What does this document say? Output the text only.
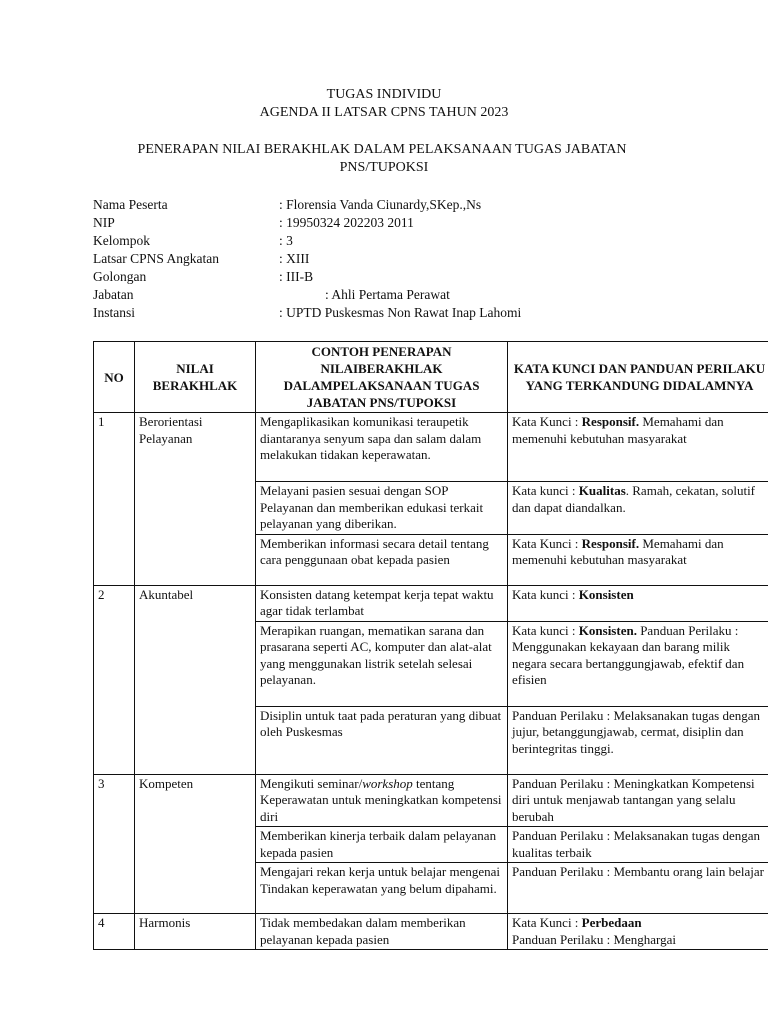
TUGAS INDIVIDU
AGENDA II LATSAR CPNS TAHUN 2023
PENERAPAN NILAI BERAKHLAK DALAM PELAKSANAAN TUGAS JABATAN
PNS/TUPOKSI
Nama Peserta	: Florensia Vanda Ciunardy,SKep.,Ns
NIP	: 19950324 202203 2011
Kelompok	: 3
Latsar CPNS Angkatan	: XIII
Golongan	: III-B
Jabatan	: Ahli Pertama Perawat
Instansi	: UPTD Puskesmas Non Rawat Inap Lahomi
NO	NILAI BERAKHLAK	CONTOH PENERAPAN NILAIBERAKHLAK DALAMPELAKSANAAN TUGAS JABATAN PNS/TUPOKSI	KATA KUNCI DAN PANDUAN PERILAKU YANG TERKANDUNG DIDALAMNYA
1	Berorientasi Pelayanan	Mengaplikasikan komunikasi teraupetik diantaranya senyum sapa dan salam dalam melakukan tidakan keperawatan.	Kata Kunci : Responsif. Memahami dan memenuhi kebutuhan masyarakat
		Melayani pasien sesuai dengan SOP Pelayanan dan memberikan edukasi terkait pelayanan yang diberikan.	Kata kunci : Kualitas. Ramah, cekatan, solutif dan dapat diandalkan.
		Memberikan informasi secara detail tentang cara penggunaan obat kepada pasien	Kata Kunci : Responsif. Memahami dan memenuhi kebutuhan masyarakat
2	Akuntabel	Konsisten datang ketempat kerja tepat waktu agar tidak terlambat	Kata kunci : Konsisten
		Merapikan ruangan, mematikan sarana dan prasarana seperti AC, komputer dan alat-alat yang menggunakan listrik setelah selesai pelayanan.	Kata kunci : Konsisten. Panduan Perilaku : Menggunakan kekayaan dan barang milik negara secara bertanggungjawab, efektif dan efisien
		Disiplin untuk taat pada peraturan yang dibuat oleh Puskesmas	Panduan Perilaku : Melaksanakan tugas dengan jujur, betanggungjawab, cermat, disiplin dan berintegritas tinggi.
3	Kompeten	Mengikuti seminar/workshop tentang Keperawatan untuk meningkatkan kompetensi diri	Panduan Perilaku : Meningkatkan Kompetensi diri untuk menjawab tantangan yang selalu berubah
		Memberikan kinerja terbaik dalam pelayanan kepada pasien	Panduan Perilaku : Melaksanakan tugas dengan kualitas terbaik
		Mengajari rekan kerja untuk belajar mengenai Tindakan keperawatan yang belum dipahami.	Panduan Perilaku : Membantu orang lain belajar
4	Harmonis	Tidak membedakan dalam memberikan pelayanan kepada pasien	Kata Kunci : Perbedaan
Panduan Perilaku : Menghargai
